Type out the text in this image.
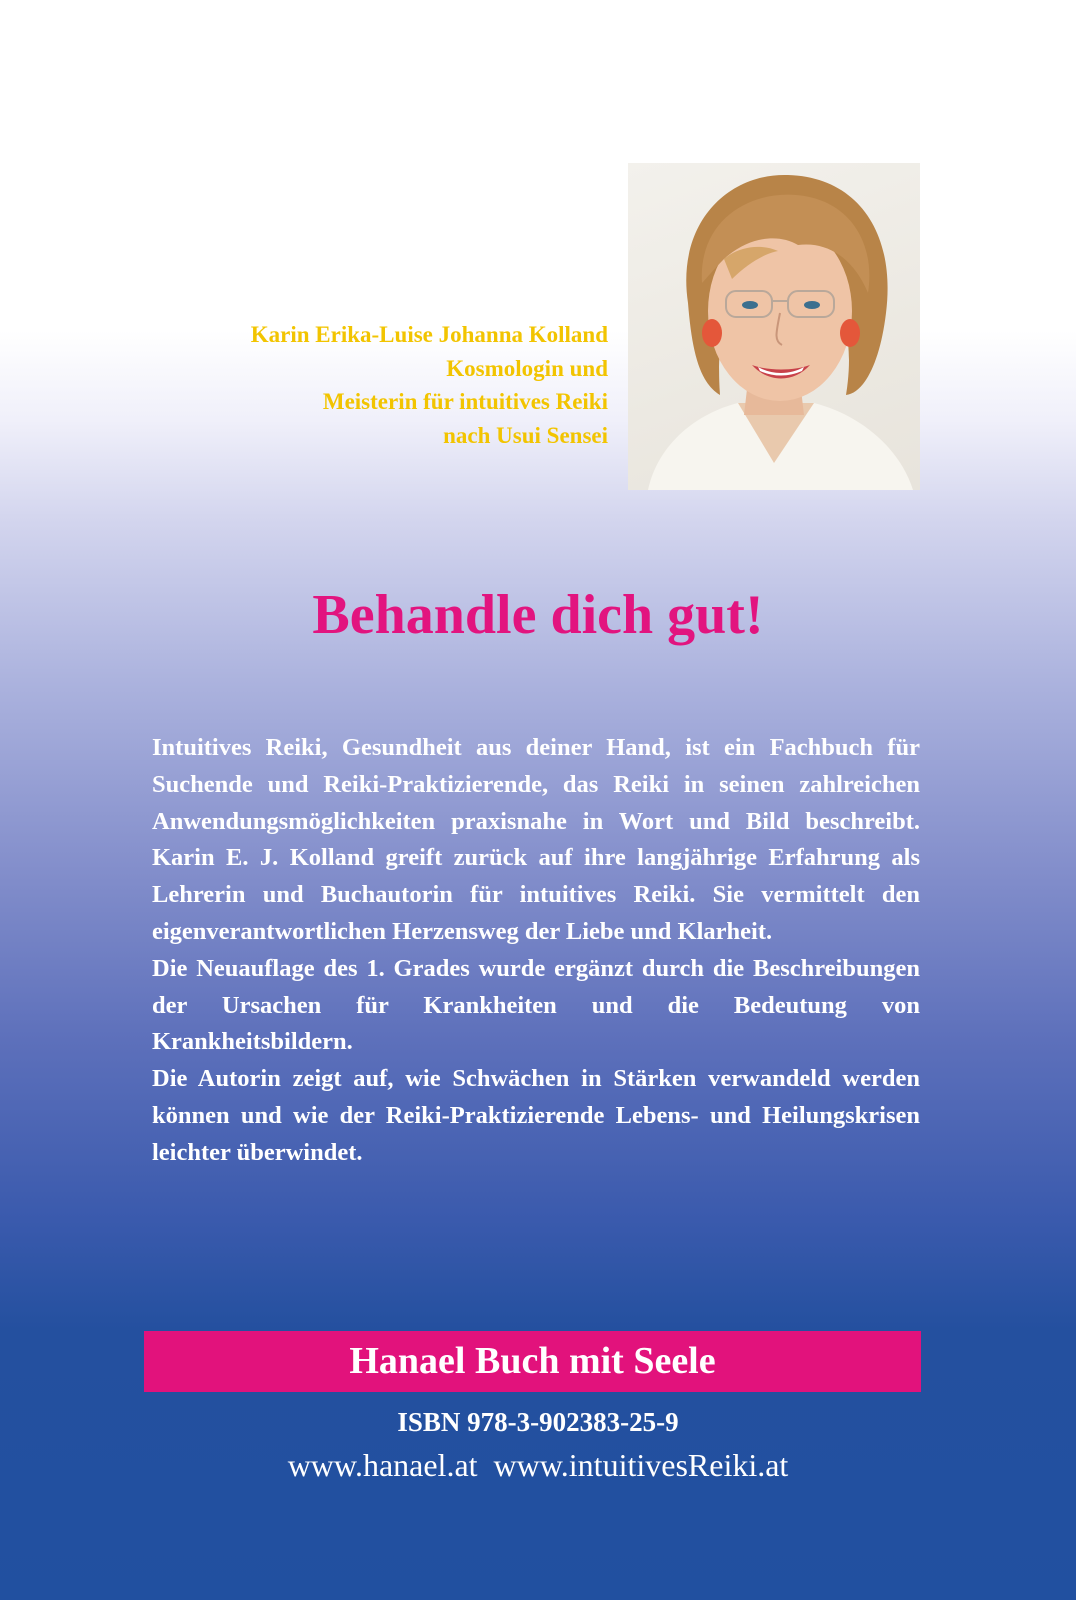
Karin Erika-Luise Johanna Kolland
Kosmologin und
Meisterin für intuitives Reiki
nach Usui Sensei
Behandle dich gut!

Intuitives Reiki, Gesundheit aus deiner Hand, ist ein Fachbuch für Suchende und Reiki-Praktizierende, das Reiki in seinen zahlreichen Anwendungsmöglichkeiten praxisnahe in Wort und Bild beschreibt. Karin E. J. Kolland greift zurück auf ihre langjährige Erfahrung als Lehrerin und Buchautorin für intuitives Reiki. Sie vermittelt den eigenverantwortlichen Herzensweg der Liebe und Klarheit.

Die Neuauflage des 1. Grades wurde ergänzt durch die Beschreibungen der Ursachen für Krankheiten und die Bedeutung von Krankheitsbildern.

Die Autorin zeigt auf, wie Schwächen in Stärken verwandeld werden können und wie der Reiki-Praktizierende Lebens- und Heilungskrisen leichter überwindet.

Hanael Buch mit Seele
ISBN 978-3-902383-25-9
www.hanael.at  www.intuitivesReiki.at
